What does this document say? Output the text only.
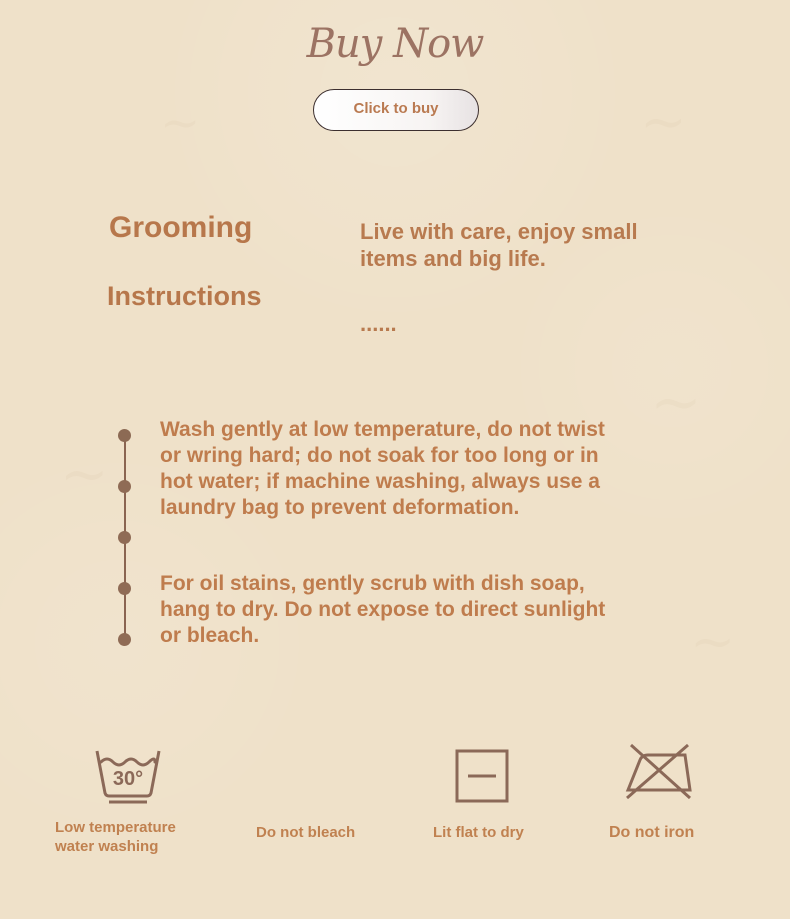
~
~
~
~
~
Buy Now
Click to buy
Grooming
Instructions
Live with care, enjoy small items and big life.
......
Wash gently at low temperature, do not twist or wring hard; do not soak for too long or in hot water; if machine washing, always use a laundry bag to prevent deformation.
For oil stains, gently scrub with dish soap, hang to dry. Do not expose to direct sunlight or bleach.
30°
Low temperature
water washing
Do not bleach	Lit flat to dry	Do not iron
